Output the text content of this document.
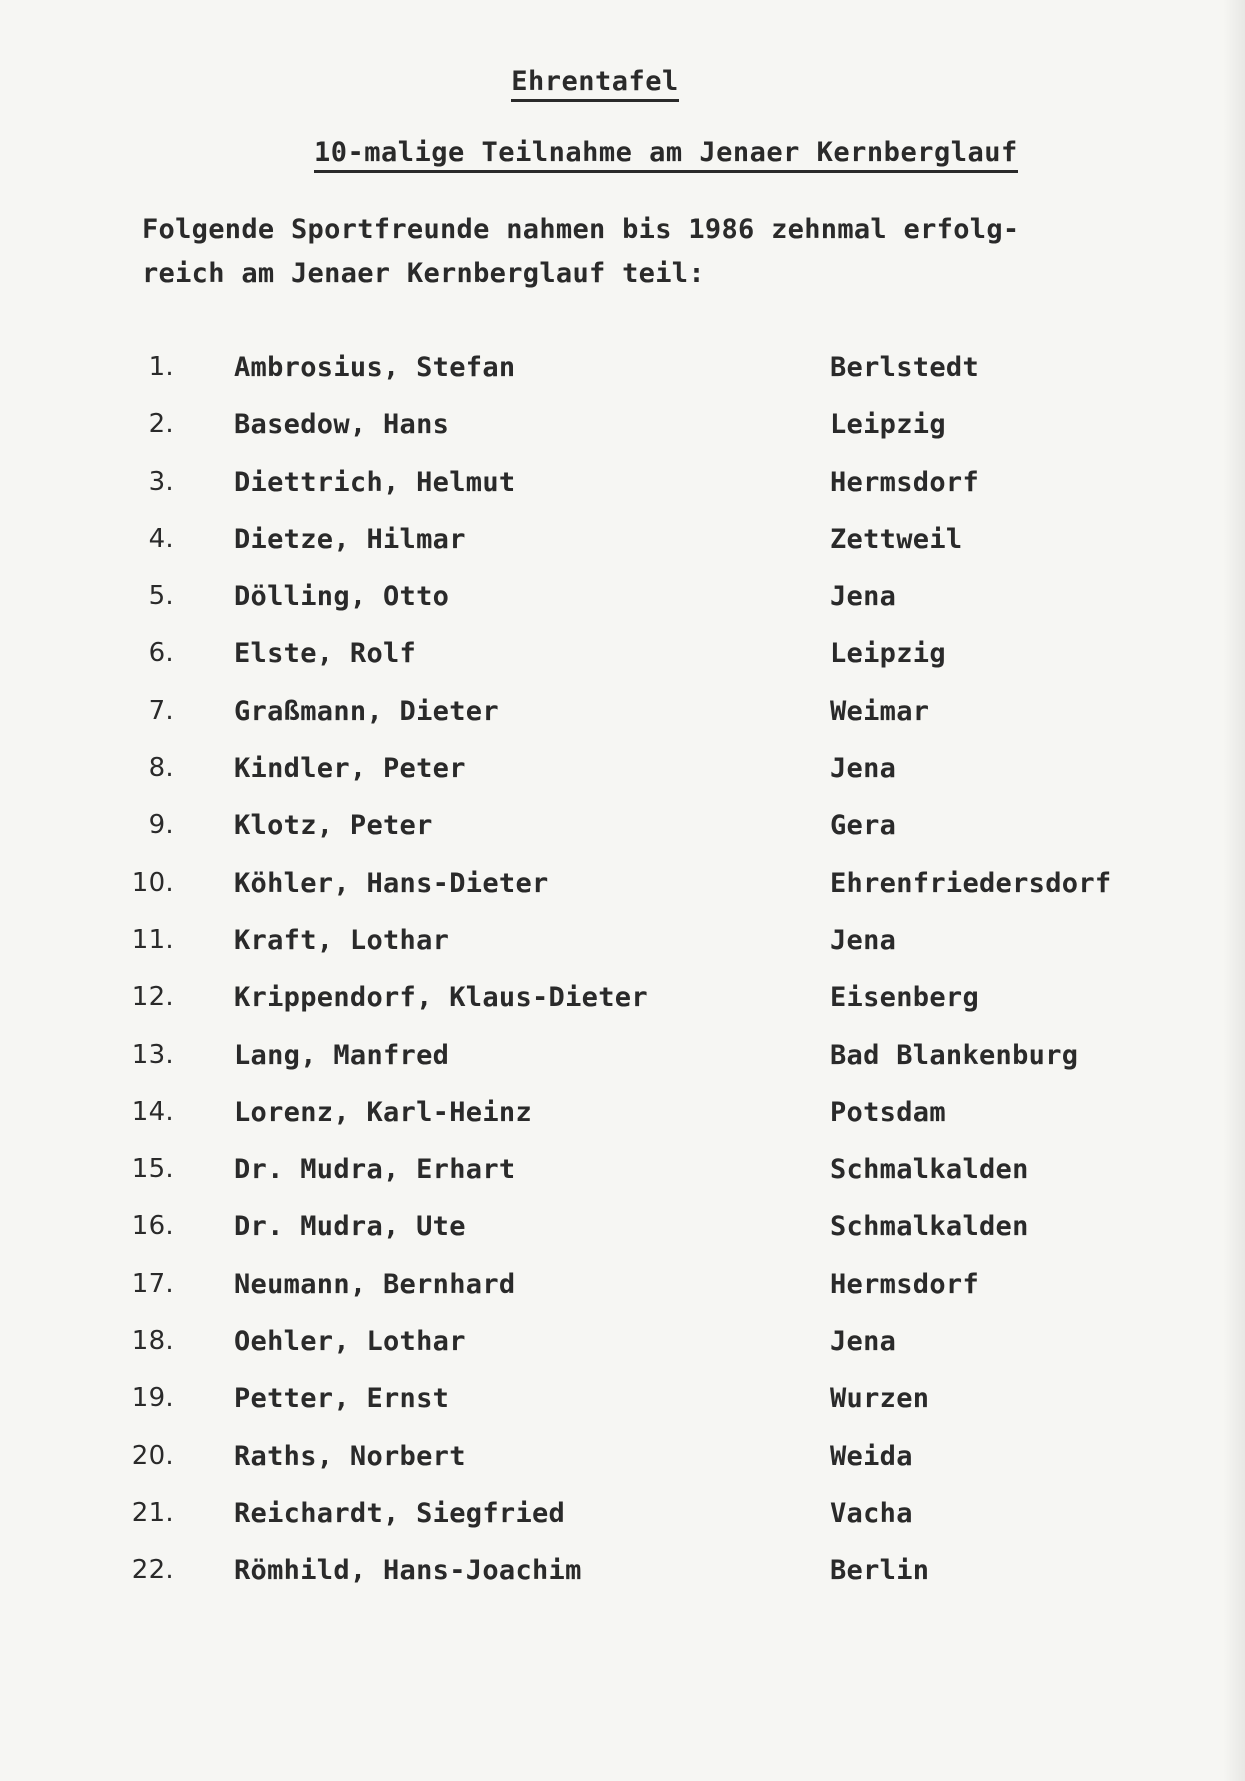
Ehrentafel
10-malige Teilnahme am Jenaer Kernberglauf
Folgende Sportfreunde nahmen bis 1986 zehnmal erfolg-
reich am Jenaer Kernberglauf teil:
1. Ambrosius, Stefan	Berlstedt
2. Basedow, Hans	Leipzig
3. Diettrich, Helmut	Hermsdorf
4. Dietze, Hilmar	Zettweil
5. Dölling, Otto	Jena
6. Elste, Rolf	Leipzig
7. Graßmann, Dieter	Weimar
8. Kindler, Peter	Jena
9. Klotz, Peter	Gera
10. Köhler, Hans-Dieter	Ehrenfriedersdorf
11. Kraft, Lothar	Jena
12. Krippendorf, Klaus-Dieter	Eisenberg
13. Lang, Manfred	Bad Blankenburg
14. Lorenz, Karl-Heinz	Potsdam
15. Dr. Mudra, Erhart	Schmalkalden
16. Dr. Mudra, Ute	Schmalkalden
17. Neumann, Bernhard	Hermsdorf
18. Oehler, Lothar	Jena
19. Petter, Ernst	Wurzen
20. Raths, Norbert	Weida
21. Reichardt, Siegfried	Vacha
22. Römhild, Hans-Joachim	Berlin
